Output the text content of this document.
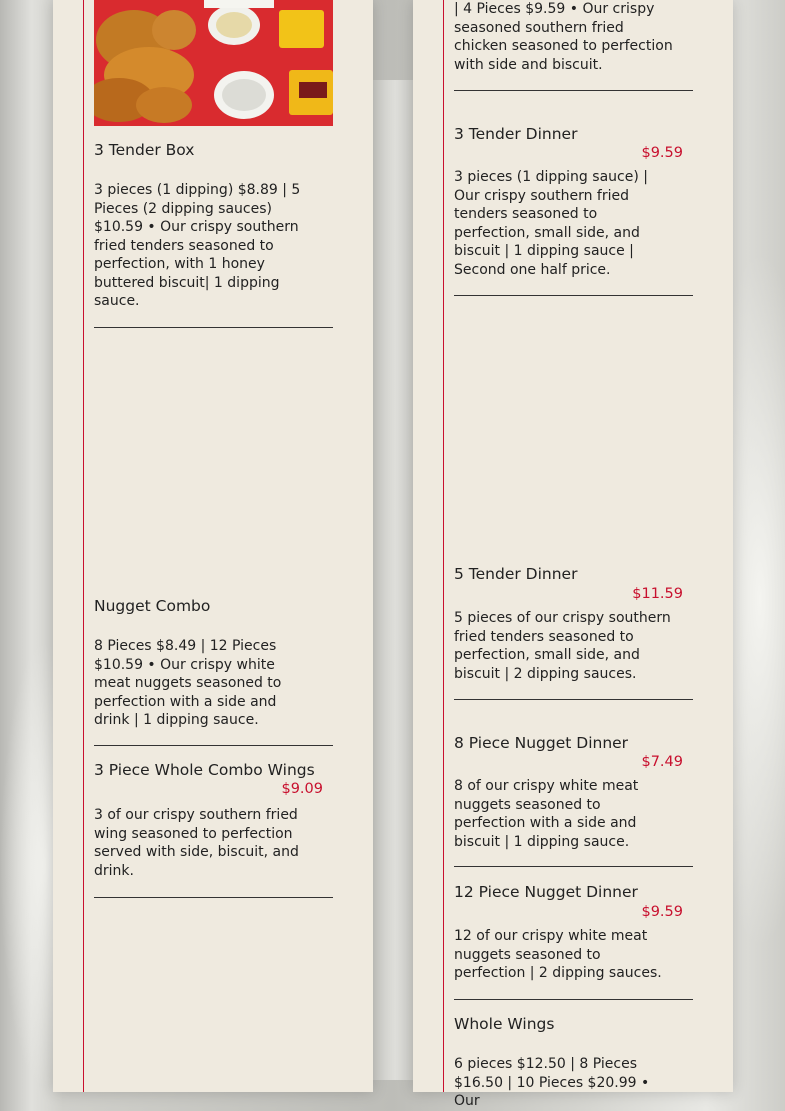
3 Tender Box
3 pieces (1 dipping) $8.89 | 5 Pieces (2 dipping sauces) $10.59 • Our crispy southern fried tenders seasoned to perfection, with 1 honey buttered biscuit| 1 dipping sauce.
Nugget Combo
8 Pieces $8.49 | 12 Pieces $10.59 • Our crispy white meat nuggets seasoned to perfection with a side and drink | 1 dipping sauce.
3 Piece Whole Combo Wings
$9.09
3 of our crispy southern fried wing seasoned to perfection served with side, biscuit, and drink.
| 4 Pieces $9.59 • Our crispy seasoned southern fried chicken seasoned to perfection with side and biscuit.
3 Tender Dinner
$9.59
3 pieces (1 dipping sauce) | Our crispy southern fried tenders seasoned to perfection, small side, and biscuit | 1 dipping sauce | Second one half price.
5 Tender Dinner
$11.59
5 pieces of our crispy southern fried tenders seasoned to perfection, small side, and biscuit | 2 dipping sauces.
8 Piece Nugget Dinner
$7.49
8 of our crispy white meat nuggets seasoned to perfection with a side and biscuit | 1 dipping sauce.
12 Piece Nugget Dinner
$9.59
12 of our crispy white meat nuggets seasoned to perfection | 2 dipping sauces.
Whole Wings
6 pieces $12.50 | 8 Pieces $16.50 | 10 Pieces $20.99 • Our
